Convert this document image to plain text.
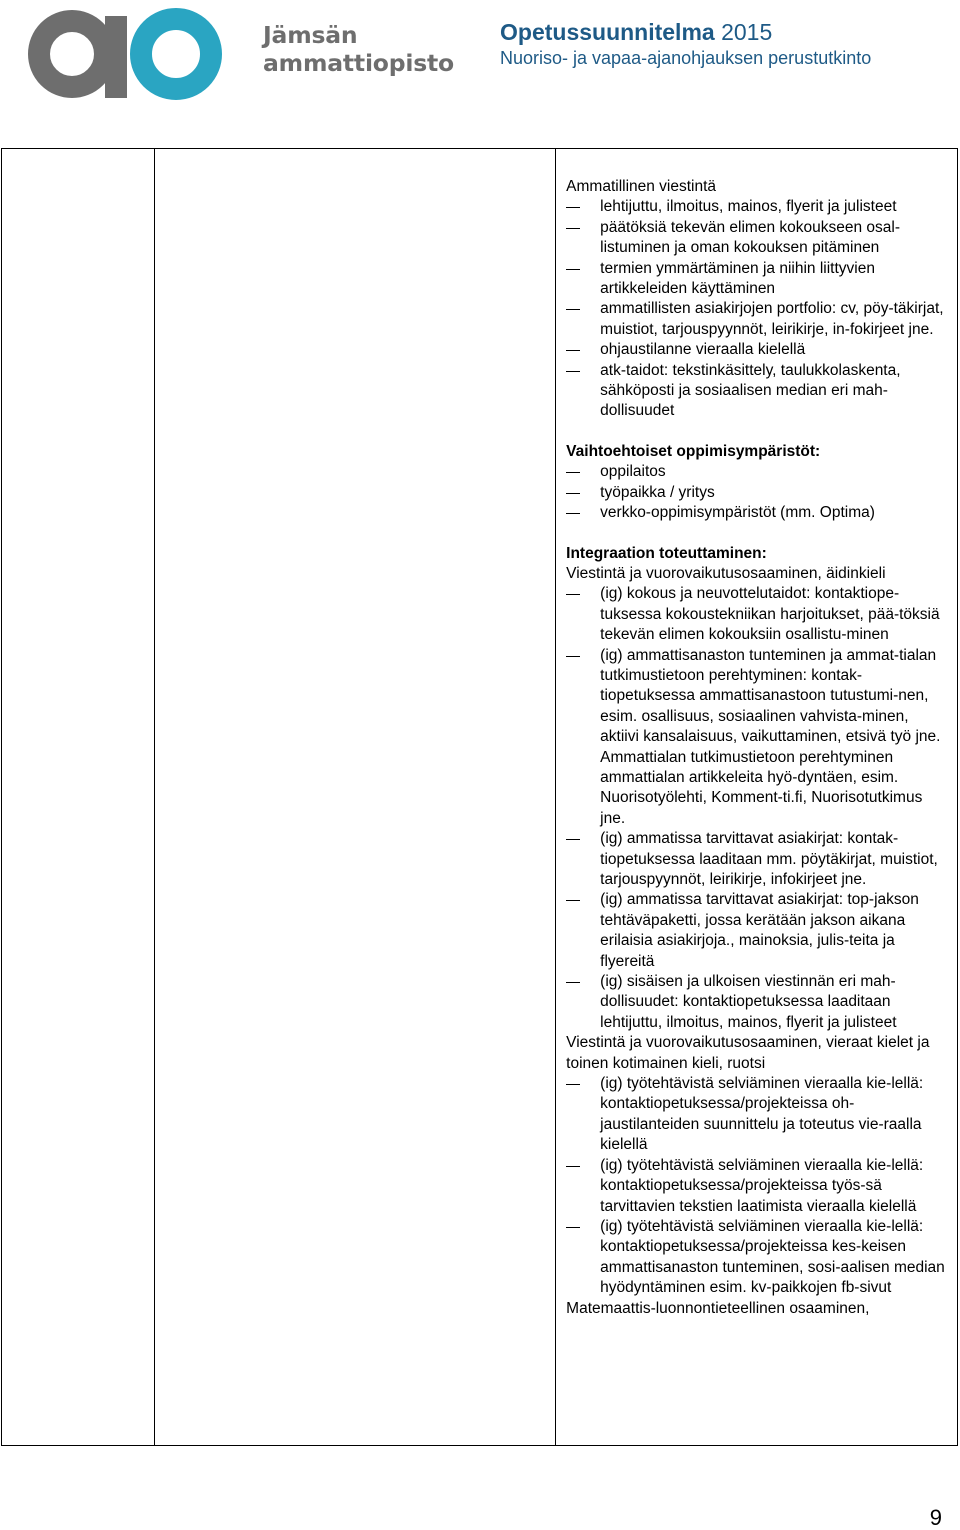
Jämsän
ammattiopisto
Opetussuunnitelma 2015
Nuoriso- ja vapaa-ajanohjauksen perustutkinto

Ammatillinen viestintä
lehtijuttu, ilmoitus, mainos, flyerit ja julisteet
päätöksiä tekevän elimen kokoukseen osal-listuminen ja oman kokouksen pitäminen
termien ymmärtäminen ja niihin liittyvien artikkeleiden käyttäminen
ammatillisten asiakirjojen portfolio: cv, pöy-täkirjat, muistiot, tarjouspyynnöt, leirikirje, in-fokirjeet jne.
ohjaustilanne vieraalla kielellä
atk-taidot: tekstinkäsittely, taulukkolaskenta, sähköposti ja sosiaalisen median eri mah-dollisuudet
Vaihtoehtoiset oppimisympäristöt:
oppilaitos
työpaikka / yritys
verkko-oppimisympäristöt (mm. Optima)
Integraation toteuttaminen:
Viestintä ja vuorovaikutusosaaminen, äidinkieli
(ig) kokous ja neuvottelutaidot: kontaktiope-tuksessa kokoustekniikan harjoitukset, pää-töksiä tekevän elimen kokouksiin osallistu-minen
(ig) ammattisanaston tunteminen ja ammat-tialan tutkimustietoon perehtyminen: kontak-tiopetuksessa ammattisanastoon tutustumi-nen, esim. osallisuus, sosiaalinen vahvista-minen, aktiivi kansalaisuus, vaikuttaminen, etsivä työ jne. Ammattialan tutkimustietoon perehtyminen ammattialan artikkeleita hyö-dyntäen, esim. Nuorisotyölehti, Komment-ti.fi, Nuorisotutkimus jne.
(ig) ammatissa tarvittavat asiakirjat: kontak-tiopetuksessa laaditaan mm. pöytäkirjat, muistiot, tarjouspyynnöt, leirikirje, infokirjeet jne.
(ig) ammatissa tarvittavat asiakirjat: top-jakson tehtäväpaketti, jossa kerätään jakson aikana erilaisia asiakirjoja., mainoksia, julis-teita ja flyereitä
(ig) sisäisen ja ulkoisen viestinnän eri mah-dollisuudet: kontaktiopetuksessa laaditaan lehtijuttu, ilmoitus, mainos, flyerit ja julisteet
Viestintä ja vuorovaikutusosaaminen, vieraat kielet ja toinen kotimainen kieli, ruotsi
(ig) työtehtävistä selviäminen vieraalla kie-lellä: kontaktiopetuksessa/projekteissa oh-jaustilanteiden suunnittelu ja toteutus vie-raalla kielellä
(ig) työtehtävistä selviäminen vieraalla kie-lellä: kontaktiopetuksessa/projekteissa työs-sä tarvittavien tekstien laatimista vieraalla kielellä
(ig) työtehtävistä selviäminen vieraalla kie-lellä: kontaktiopetuksessa/projekteissa kes-keisen ammattisanaston tunteminen, sosi-aalisen median hyödyntäminen esim. kv-paikkojen fb-sivut
Matemaattis-luonnontieteellinen osaaminen,
9
